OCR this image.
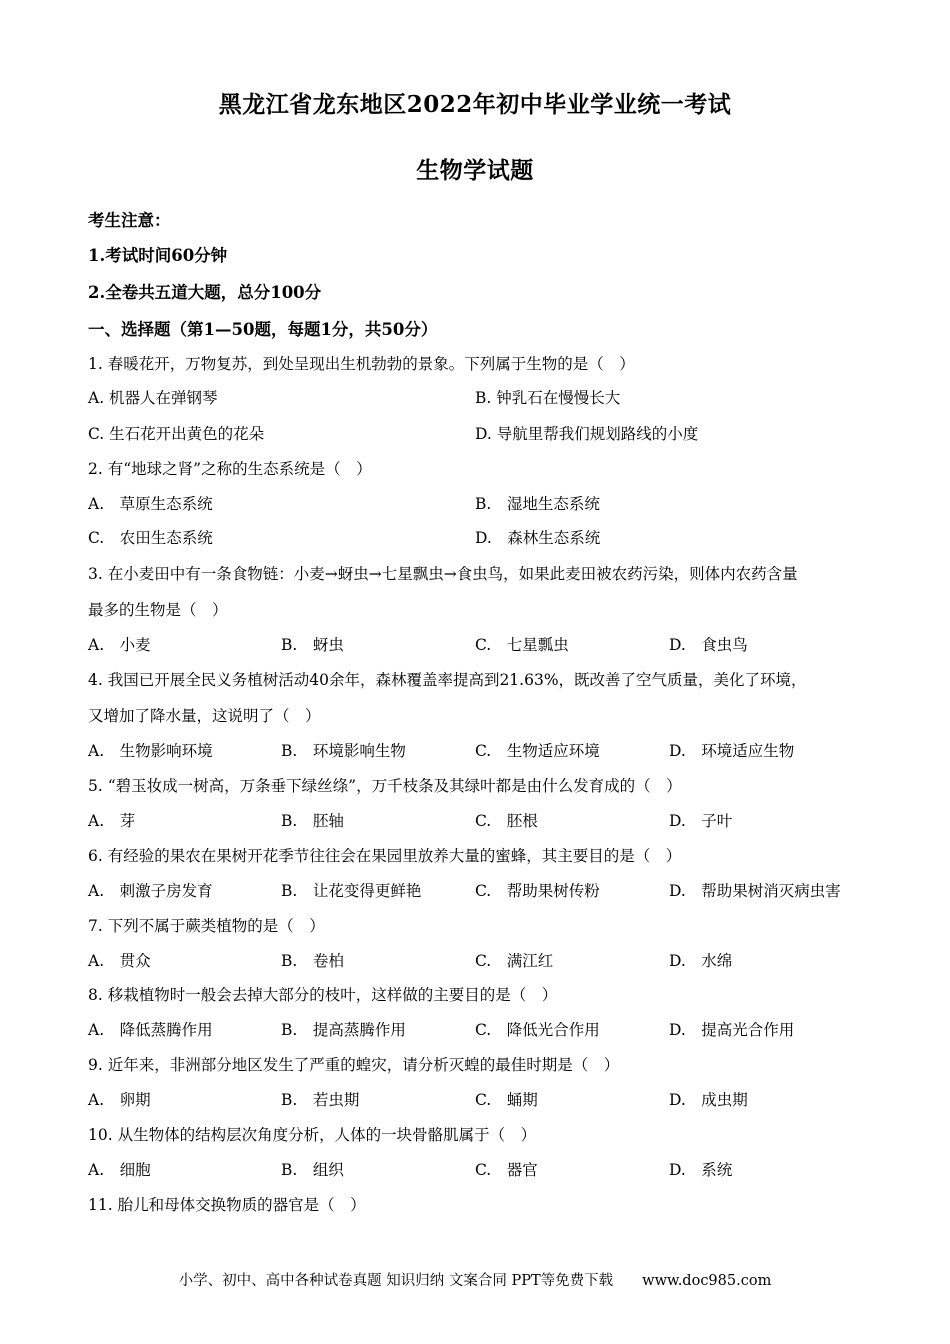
黑龙江省龙东地区2022年初中毕业学业统一考试
生物学试题
考生注意：
1.考试时间60分钟
2.全卷共五道大题，总分100分
一、选择题（第1—50题，每题1分，共50分）
1. 春暖花开，万物复苏，到处呈现出生机勃勃的景象。下列属于生物的是（　）
A. 机器人在弹钢琴	B. 钟乳石在慢慢长大
C. 生石花开出黄色的花朵	D. 导航里帮我们规划路线的小度
2. 有“地球之肾”之称的生态系统是（　）
A.　草原生态系统	B.　湿地生态系统
C.　农田生态系统	D.　森林生态系统
3. 在小麦田中有一条食物链：小麦→蚜虫→七星飘虫→食虫鸟，如果此麦田被农药污染，则体内农药含量
最多的生物是（　）
A.　小麦	B.　蚜虫	C.　七星瓢虫	D.　食虫鸟
4. 我国已开展全民义务植树活动40余年，森林覆盖率提高到21.63%，既改善了空气质量，美化了环境，
又增加了降水量，这说明了（　）
A.　生物影响环境	B.　环境影响生物	C.　生物适应环境	D.　环境适应生物
5. “碧玉妆成一树高，万条垂下绿丝绦”，万千枝条及其绿叶都是由什么发育成的（　）
A.　芽	B.　胚轴	C.　胚根	D.　子叶
6. 有经验的果农在果树开花季节往往会在果园里放养大量的蜜蜂，其主要目的是（　）
A.　刺激子房发育	B.　让花变得更鲜艳	C.　帮助果树传粉	D.　帮助果树消灭病虫害
7. 下列不属于蕨类植物的是（　）
A.　贯众	B.　卷柏	C.　满江红	D.　水绵
8. 移栽植物时一般会去掉大部分的枝叶，这样做的主要目的是（　）
A.　降低蒸腾作用	B.　提高蒸腾作用	C.　降低光合作用	D.　提高光合作用
9. 近年来，非洲部分地区发生了严重的蝗灾，请分析灭蝗的最佳时期是（　）
A.　卵期	B.　若虫期	C.　蛹期	D.　成虫期
10. 从生物体的结构层次角度分析，人体的一块骨骼肌属于（　）
A.　细胞	B.　组织	C.　器官	D.　系统
11. 胎儿和母体交换物质的器官是（　）
小学、初中、高中各种试卷真题 知识归纳 文案合同 PPT等免费下载　　www.doc985.com
